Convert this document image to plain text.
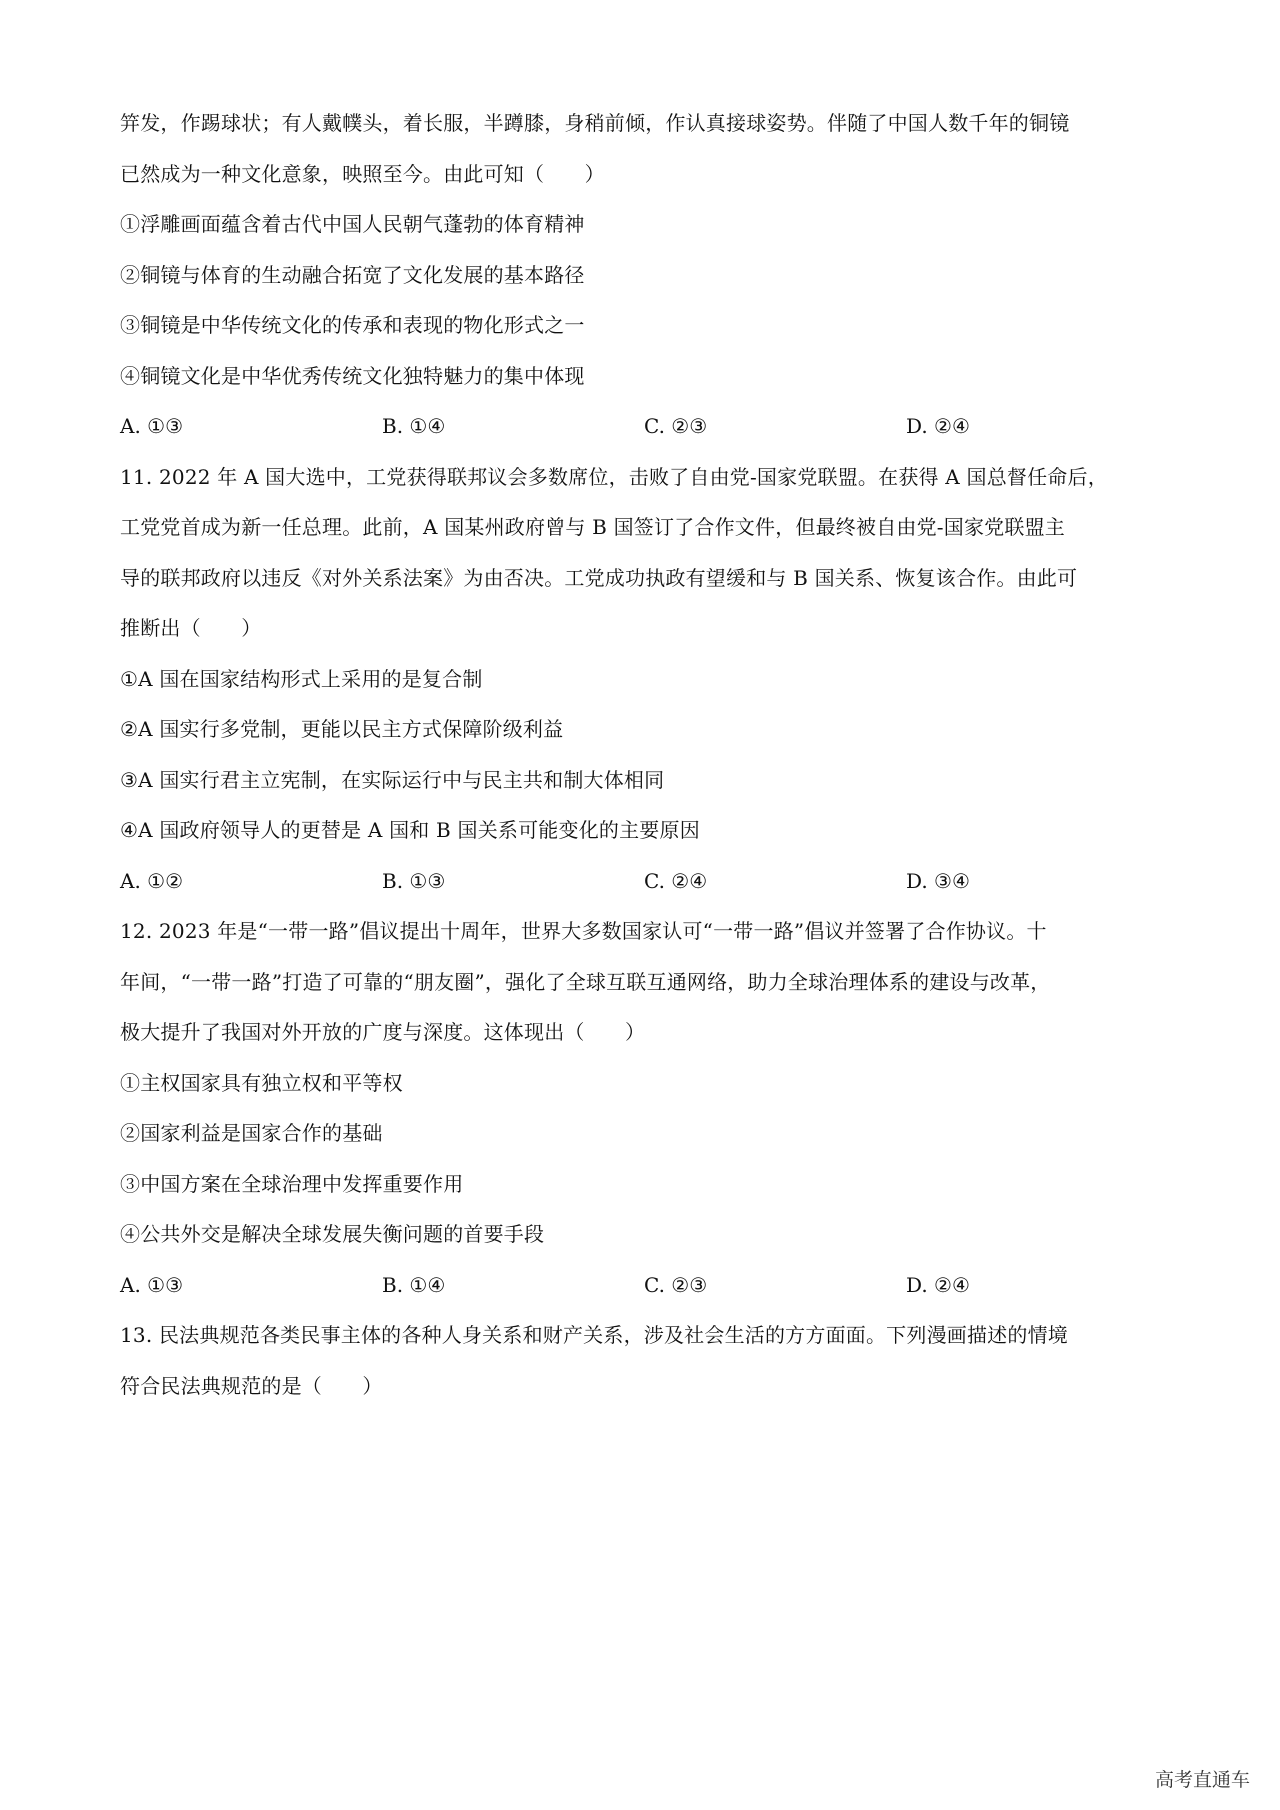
笄发，作踢球状；有人戴幞头，着长服，半蹲膝，身稍前倾，作认真接球姿势。伴随了中国人数千年的铜镜
已然成为一种文化意象，映照至今。由此可知（　　）
①浮雕画面蕴含着古代中国人民朝气蓬勃的体育精神
②铜镜与体育的生动融合拓宽了文化发展的基本路径
③铜镜是中华传统文化的传承和表现的物化形式之一
④铜镜文化是中华优秀传统文化独特魅力的集中体现
A. ①③	B. ①④	C. ②③	D. ②④
11. 2022 年 A 国大选中，工党获得联邦议会多数席位，击败了自由党-国家党联盟。在获得 A 国总督任命后，
工党党首成为新一任总理。此前，A 国某州政府曾与 B 国签订了合作文件，但最终被自由党-国家党联盟主
导的联邦政府以违反《对外关系法案》为由否决。工党成功执政有望缓和与 B 国关系、恢复该合作。由此可
推断出（　　）
①A 国在国家结构形式上采用的是复合制
②A 国实行多党制，更能以民主方式保障阶级利益
③A 国实行君主立宪制，在实际运行中与民主共和制大体相同
④A 国政府领导人的更替是 A 国和 B 国关系可能变化的主要原因
A. ①②	B. ①③	C. ②④	D. ③④
12. 2023 年是“一带一路”倡议提出十周年，世界大多数国家认可“一带一路”倡议并签署了合作协议。十
年间，“一带一路”打造了可靠的“朋友圈”，强化了全球互联互通网络，助力全球治理体系的建设与改革，
极大提升了我国对外开放的广度与深度。这体现出（　　）
①主权国家具有独立权和平等权
②国家利益是国家合作的基础
③中国方案在全球治理中发挥重要作用
④公共外交是解决全球发展失衡问题的首要手段
A. ①③	B. ①④	C. ②③	D. ②④
13. 民法典规范各类民事主体的各种人身关系和财产关系，涉及社会生活的方方面面。下列漫画描述的情境
符合民法典规范的是（　　）
高考直通车
